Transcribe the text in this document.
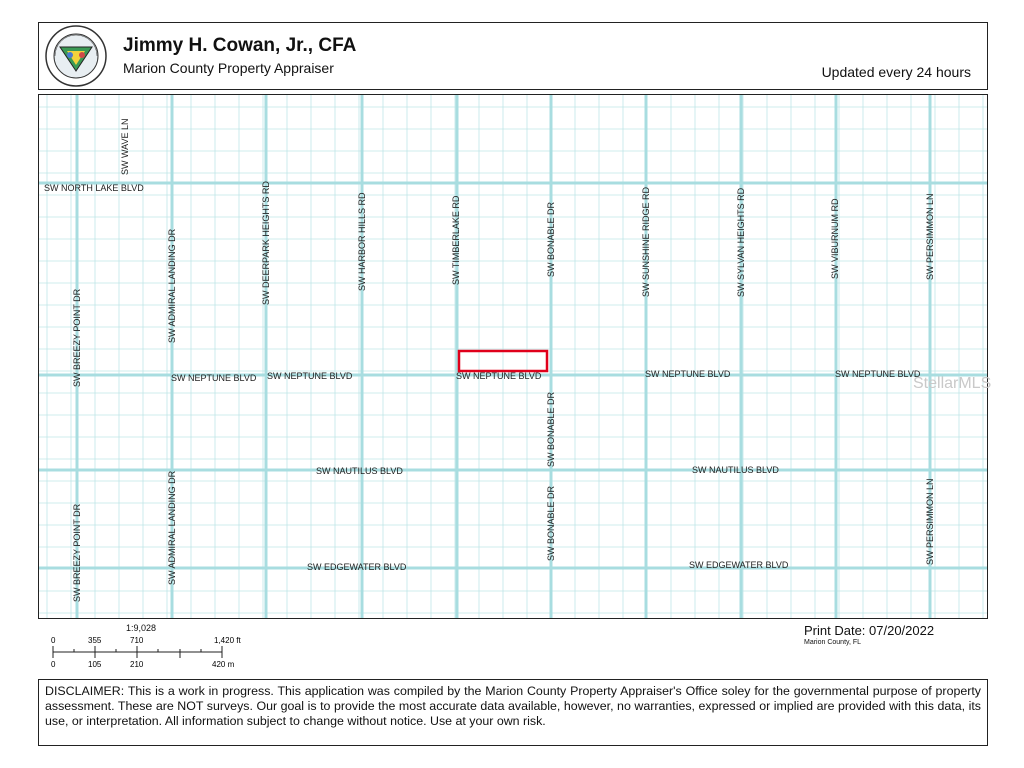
Jimmy H. Cowan, Jr., CFA
Marion County Property Appraiser	Updated every 24 hours
SW WAVE LN
SW BREEZY POINT DR
SW BREEZY POINT DR
SW ADMIRAL LANDING DR
SW ADMIRAL LANDING DR
SW DEERPARK HEIGHTS RD	SW HARBOR HILLS RD	SW TIMBERLAKE RD	SW BONABLE DR
SW BONABLE DR
SW BONABLE DR
SW SUNSHINE RIDGE RD	SW SYLVAN HEIGHTS RD	SW VIBURNUM RD	SW PERSIMMON LN
SW PERSIMMON LN
SW NORTH LAKE BLVD
SW NEPTUNE BLVD SW NEPTUNE BLVD	SW NEPTUNE BLVD	SW NEPTUNE BLVD	SW NEPTUNE BLVD
SW NAUTILUS BLVD	SW NAUTILUS BLVD
SW EDGEWATER BLVD	SW EDGEWATER BLVD
StellarMLS
1:9,028
0	355	710	1,420 ft
0	105	210	420 m
Print Date: 07/20/2022
Marion County, FL
DISCLAIMER: This is a work in progress. This application was compiled by the Marion County Property Appraiser's Office soley for the governmental purpose of property assessment. These are NOT surveys. Our goal is to provide the most accurate data available, however, no warranties, expressed or implied are provided with this data, its use, or interpretation. All information subject to change without notice. Use at your own risk.
